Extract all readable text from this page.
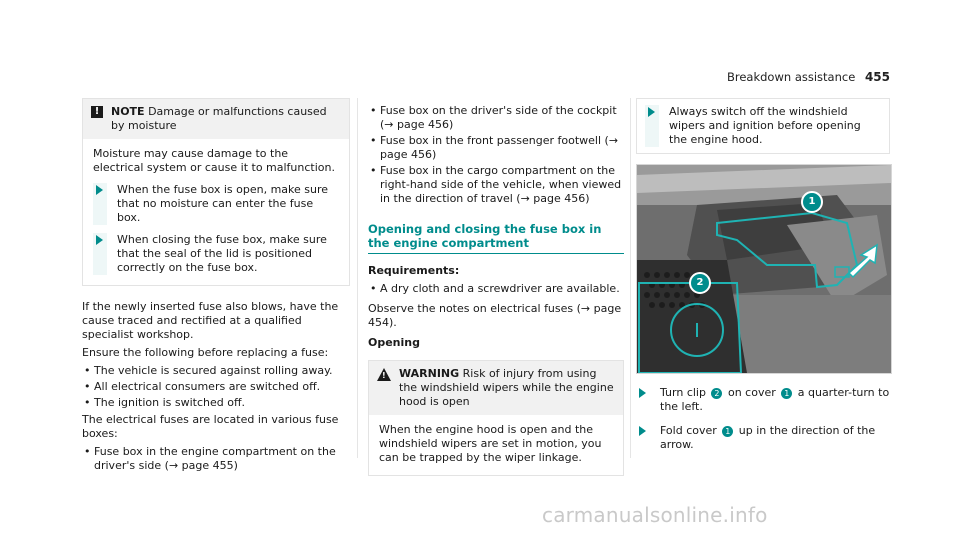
Breakdown assistance 455
!	NOTE Damage or malfunctions caused by moisture

Moisture may cause damage to the electrical system or cause it to malfunction.

When the fuse box is open, make sure that no moisture can enter the fuse box.
When closing the fuse box, make sure that the seal of the lid is positioned correctly on the fuse box.

If the newly inserted fuse also blows, have the cause traced and rectified at a qualified specialist workshop.

Ensure the following before replacing a fuse:

• The vehicle is secured against rolling away.
• All electrical consumers are switched off.
• The ignition is switched off.

The electrical fuses are located in various fuse boxes:

• Fuse box in the engine compartment on the driver's side (→ page 455)
• Fuse box on the driver's side of the cockpit (→ page 456)
• Fuse box in the front passenger footwell (→ page 456)
• Fuse box in the cargo compartment on the right-hand side of the vehicle, when viewed in the direction of travel (→ page 456)
Opening and closing the fuse box in the engine compartment

Requirements:

• A dry cloth and a screwdriver are available.

Observe the notes on electrical fuses (→ page 454).

Opening

! WARNING Risk of injury from using the windshield wipers while the engine hood is open

When the engine hood is open and the windshield wipers are set in motion, you can be trapped by the wiper linkage.

Always switch off the windshield wipers and ignition before opening the engine hood.
1
2
Turn clip 2 on cover 1 a quarter-turn to the left.
Fold cover 1 up in the direction of the arrow.
carmanualsonline.info
